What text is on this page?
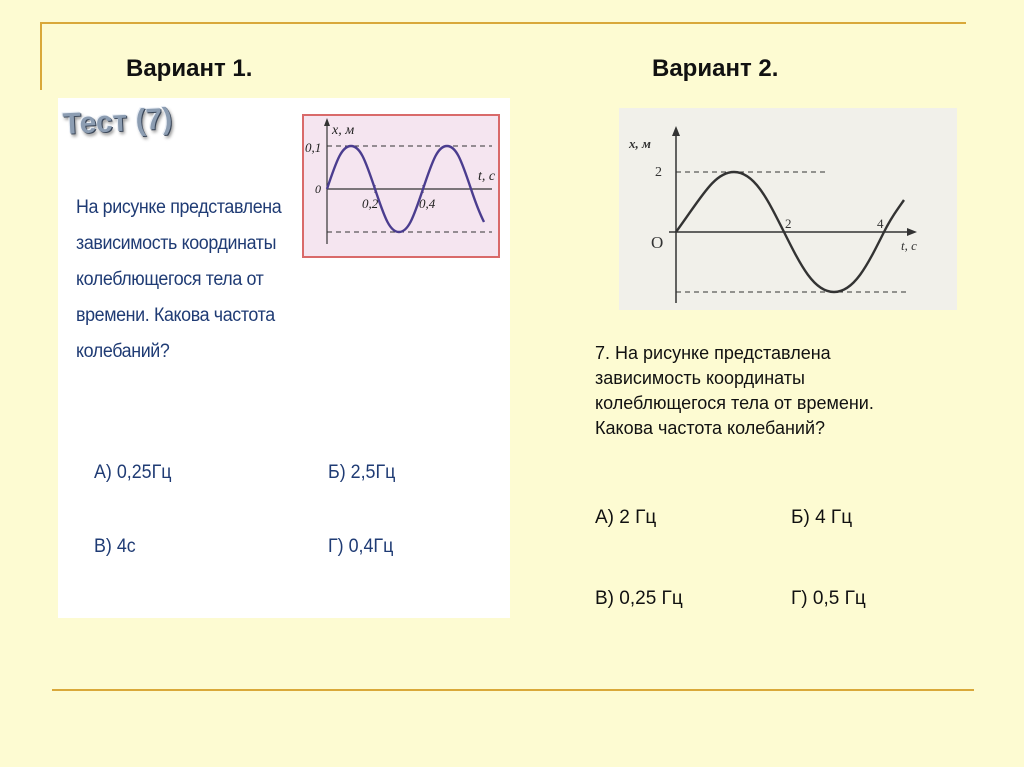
Вариант 1.	Вариант 2.
Тест (7)
На рисунке представлена
зависимость координаты
колеблющегося тела от
времени. Какова частота
колебаний?
А) 0,25Гц	Б) 2,5Гц
В) 4с	Г) 0,4Гц
x, м
0,1
0
0,2	0,4
t, с
x, м
2
O
2	4
t, с
7. На рисунке представлена
зависимость координаты
колеблющегося тела от времени.
Какова частота колебаний?
А) 2 Гц	Б) 4 Гц
В) 0,25 Гц	Г) 0,5 Гц
